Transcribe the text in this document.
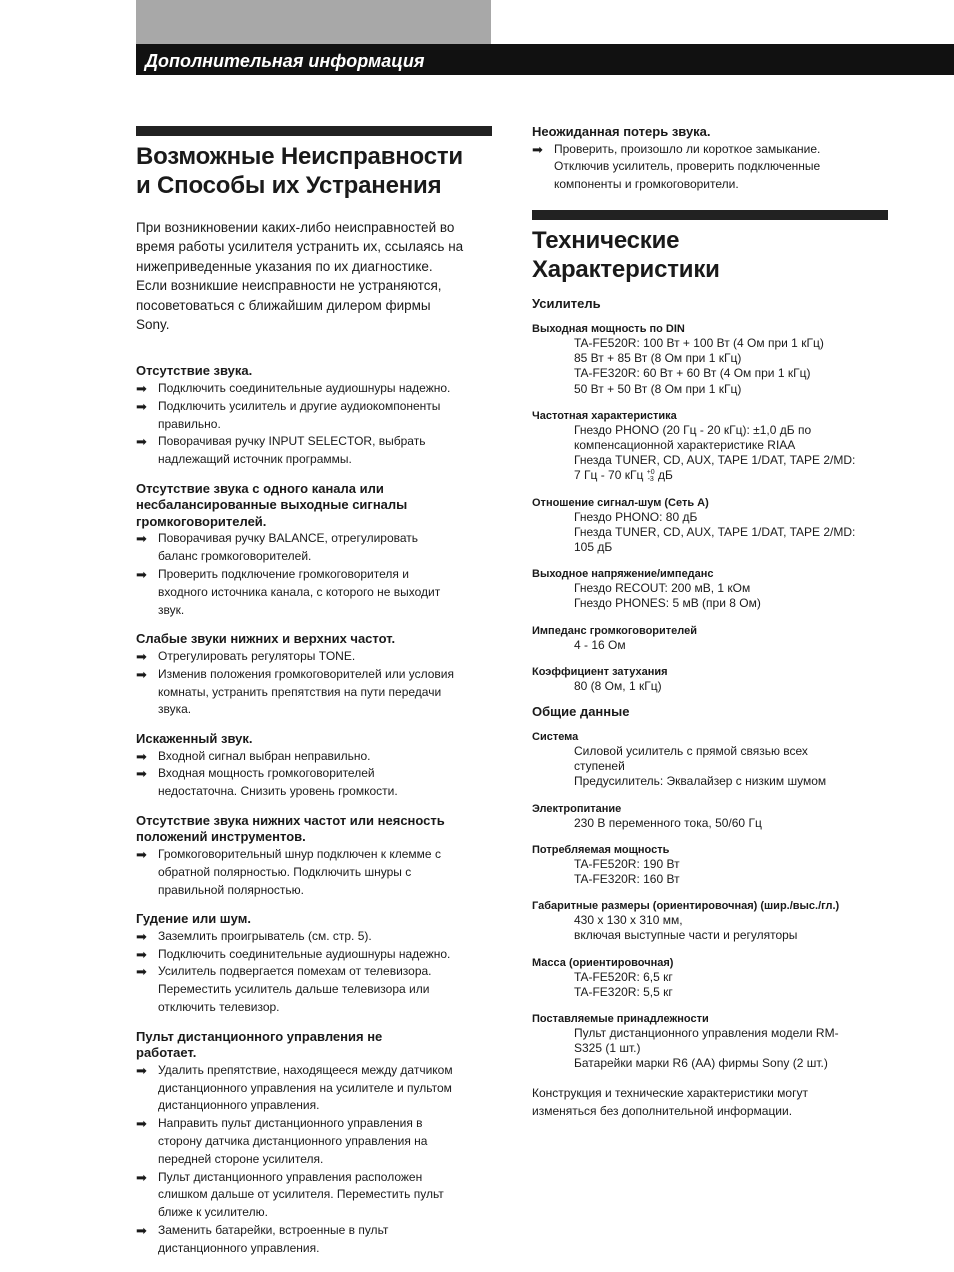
Дополнительная информация

Возможные Неисправности
и Способы их Устранения

При возникновении каких-либо неисправностей во
время работы усилителя устранить их, ссылаясь на
нижеприведенные указания по их диагностике.
Если возникшие неисправности не устраняются,
посоветоваться с ближайшим дилером фирмы
Sony.

Отсутствие звука.

➡ Подключить соединительные аудиошнуры надежно.
➡ Подключить усилитель и другие аудиокомпоненты
правильно.
➡ Поворачивая ручку INPUT SELECTOR, выбрать
надлежащий источник программы.

Отсутствие звука с одного канала или
несбалансированные выходные сигналы
громкоговорителей.

➡ Поворачивая ручку BALANCE, отрегулировать
баланс громкоговорителей.
➡ Проверить подключение громкоговорителя и
входного источника канала, с которого не выходит
звук.

Слабые звуки нижних и верхних частот.

➡ Отрегулировать регуляторы TONE.
➡ Изменив положения громкоговорителей или условия
комнаты, устранить препятствия на пути передачи
звука.

Искаженный звук.

➡ Входной сигнал выбран неправильно.
➡ Входная мощность громкоговорителей
недостаточна. Снизить уровень громкости.

Отсутствие звука нижних частот или неясность
положений инструментов.

➡ Громкоговорительный шнур подключен к клемме с
обратной полярностью. Подключить шнуры с
правильной полярностью.

Гудение или шум.

➡ Заземлить проигрыватель (см. стр. 5).
➡ Подключить соединительные аудиошнуры надежно.
➡ Усилитель подвергается помехам от телевизора.
Переместить усилитель дальше телевизора или
отключить телевизор.

Пульт дистанционного управления не
работает.

➡ Удалить препятствие, находящееся между датчиком
дистанционного управления на усилителе и пультом
дистанционного управления.
➡ Направить пульт дистанционного управления в
сторону датчика дистанционного управления на
передней стороне усилителя.
➡ Пульт дистанционного управления расположен
слишком дальше от усилителя. Переместить пульт
ближе к усилителю.
➡ Заменить батарейки, встроенные в пульт
дистанционного управления.

Неожиданная потерь звука.

➡ Проверить, произошло ли короткое замыкание.
Отключив усилитель, проверить подключенные
компоненты и громкоговорители.
Технические
Характеристики

Усилитель

Выходная мощность по DIN

TA-FE520R: 100 Вт + 100 Вт (4 Ом при 1 кГц)
85 Вт + 85 Вт (8 Ом при 1 кГц)
TA-FE320R: 60 Вт + 60 Вт (4 Ом при 1 кГц)
50 Вт + 50 Вт (8 Ом при 1 кГц)

Частотная характеристика

Гнездо PHONO (20 Гц - 20 кГц): ±1,0 дБ по
компенсационной характеристике RIAA
Гнезда TUNER, CD, AUX, TAPE 1/DAT, TAPE 2/MD:
7 Гц - 70 кГц +0
-3 дБ

Отношение сигнал-шум (Сеть А)

Гнездо PHONO: 80 дБ
Гнезда TUNER, CD, AUX, TAPE 1/DAT, TAPE 2/MD:
105 дБ

Выходное напряжение/импеданс

Гнездо RECOUT: 200 мВ, 1 кОм
Гнездо PHONES: 5 мВ (при 8 Ом)

Импеданс громкоговорителей

4 - 16 Ом

Коэффициент затухания

80 (8 Ом, 1 кГц)

Общие данные

Система

Силовой усилитель с прямой связью всех
ступеней
Предусилитель: Эквалайзер с низким шумом

Электропитание

230 В переменного тока, 50/60 Гц

Потребляемая мощность

TA-FE520R: 190 Вт
TA-FE320R: 160 Вт

Габаритные размеры (ориентировочная) (шир./выс./гл.)

430 x 130 x 310 мм,
включая выступные части и регуляторы

Масса (ориентировочная)

TA-FE520R: 6,5 кг
TA-FE320R: 5,5 кг

Поставляемые принадлежности

Пульт дистанционного управления модели RM-
S325 (1 шт.)
Батарейки марки R6 (AA) фирмы Sony (2 шт.)

Конструкция и технические характеристики могут
изменяться без дополнительной информации.
